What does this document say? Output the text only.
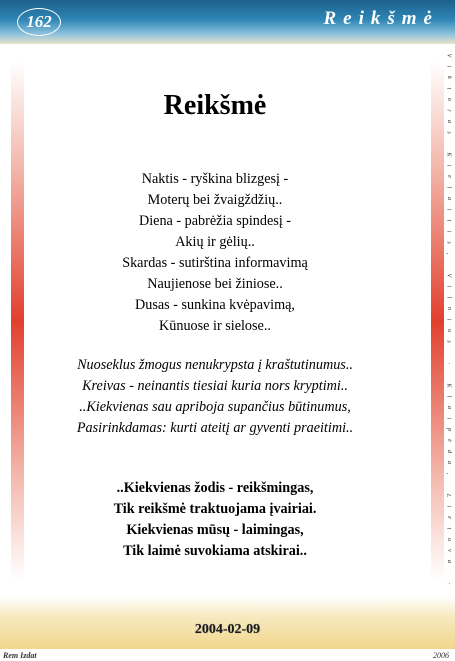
162	Reikšmė
V
i
k
t
o
r
a
s

K
i
e
l
a
i
t
i
s
,

V
i
l
n
i
u
s

·

K
l
a
i
p
ė
d
a
,

L
i
e
t
u
v
a

·

Reikšmė
Naktis - ryškina blizgesį -
Moterų bei žvaigždžių..
Diena - pabrėžia spindesį -
Akių ir gėlių..
Skardas - sutirština informavimą
Naujienose bei žiniose..
Dusas - sunkina kvėpavimą,
Kūnuose ir sielose..
Nuoseklus žmogus nenukrypsta į kraštutinumus..
Kreivas - neinantis tiesiai kuria nors kryptimi..
..Kiekvienas sau apriboja supančius būtinumus,
Pasirinkdamas: kurti ateitį ar gyventi praeitimi..
..Kiekvienas žodis - reikšmingas,
Tik reikšmė traktuojama įvairiai.
Kiekvienas mūsų - laimingas,
Tik laimė suvokiama atskirai..
2004-02-09
Rem Izdat	2006
